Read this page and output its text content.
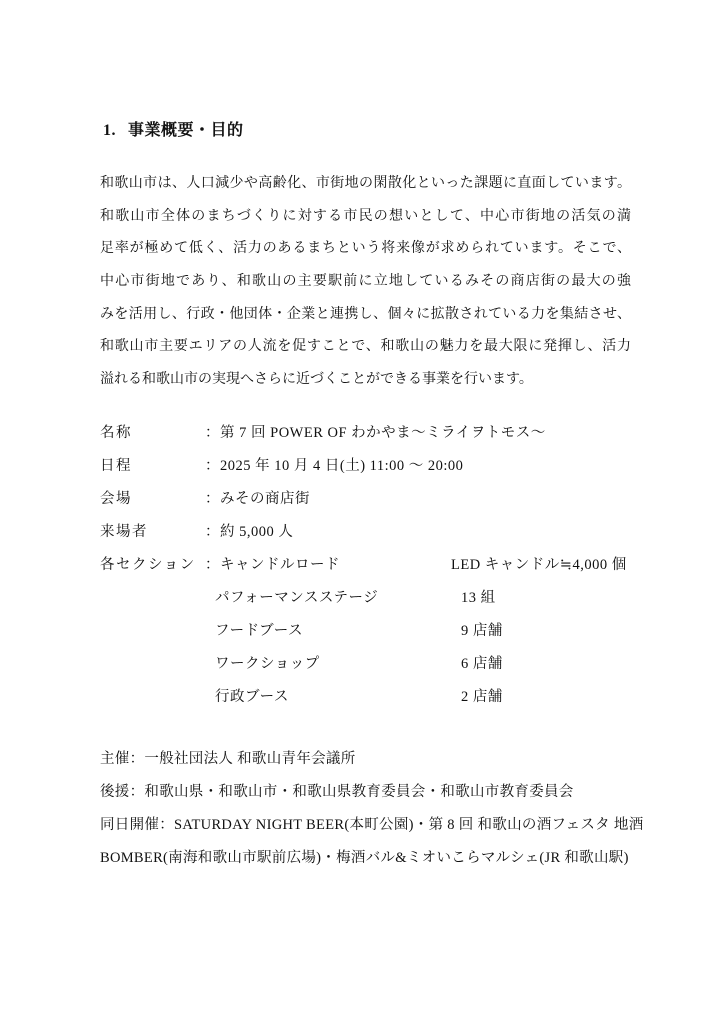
1. 事業概要・目的
和歌山市は、人口減少や高齢化、市街地の閑散化といった課題に直面しています。
和歌山市全体のまちづくりに対する市民の想いとして、中心市街地の活気の満
足率が極めて低く、活力のあるまちという将来像が求められています。そこで、
中心市街地であり、和歌山の主要駅前に立地しているみその商店街の最大の強
みを活用し、行政・他団体・企業と連携し、個々に拡散されている力を集結させ、
和歌山市主要エリアの人流を促すことで、和歌山の魅力を最大限に発揮し、活力
溢れる和歌山市の実現へさらに近づくことができる事業を行います。
名称	：第 7 回 POWER OF わかやま～ミライヲトモス～
日程	：2025 年 10 月 4 日(土) 11:00 ～ 20:00
会場	：みその商店街
来場者	：約 5,000 人
各セクション ：キャンドルロード	LED キャンドル≒4,000 個
パフォーマンスステージ	13 組
フードブース	9 店舗
ワークショップ	6 店舗
行政ブース	2 店舗
主催：一般社団法人 和歌山青年会議所
後援：和歌山県・和歌山市・和歌山県教育委員会・和歌山市教育委員会
同日開催：SATURDAY NIGHT BEER(本町公園)・第 8 回 和歌山の酒フェスタ 地酒
BOMBER(南海和歌山市駅前広場)・梅酒バル&ミオいこらマルシェ(JR 和歌山駅)
